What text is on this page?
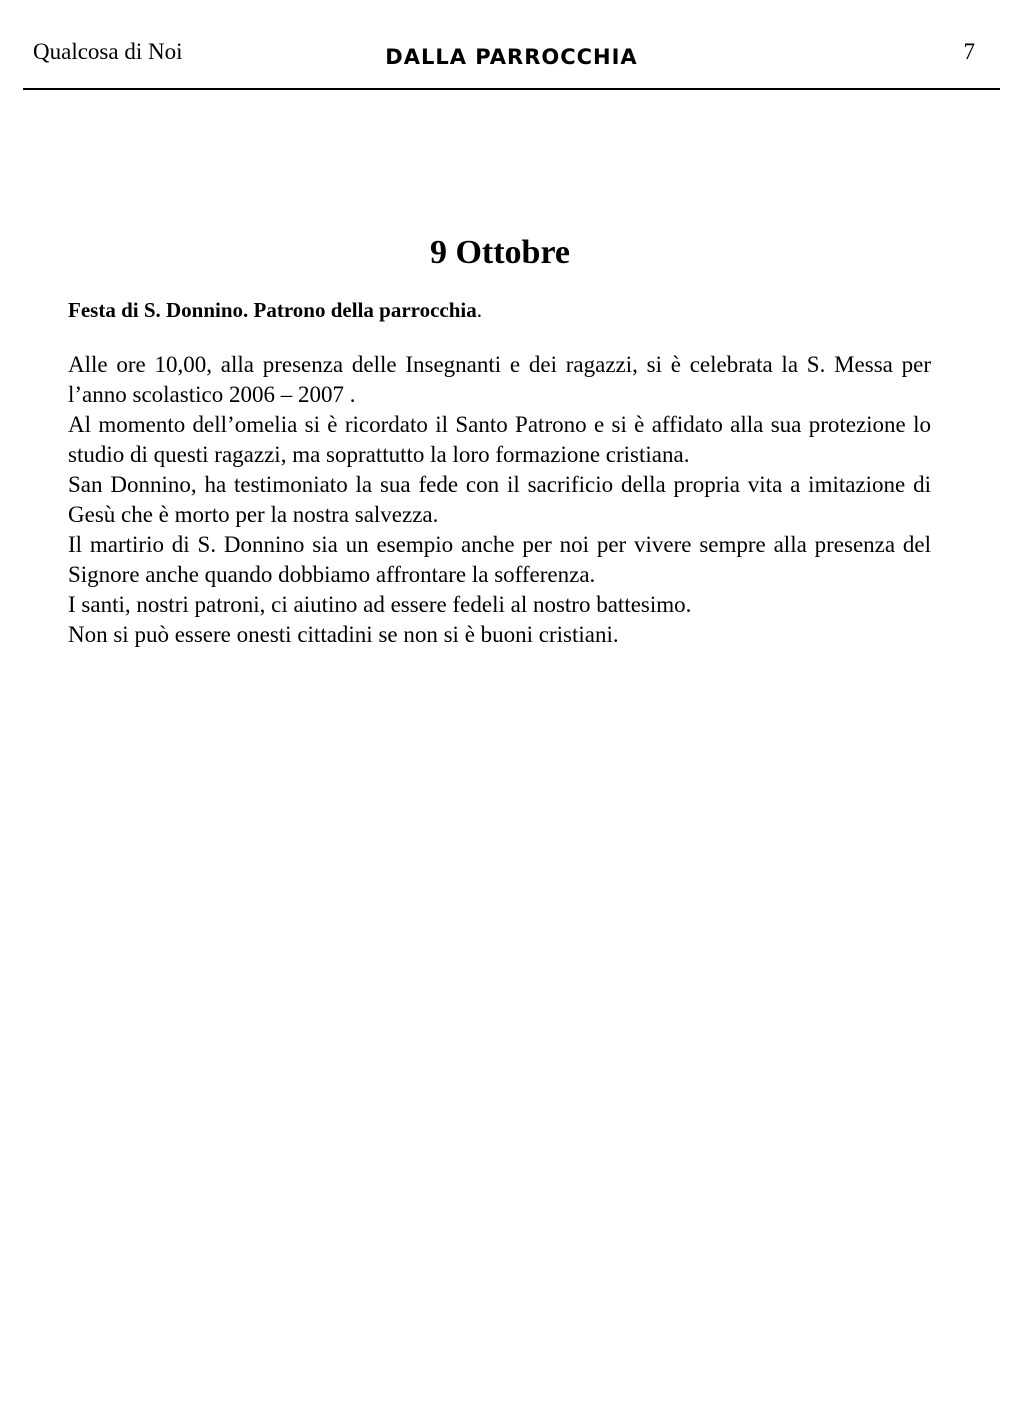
Qualcosa di Noi	DALLA PARROCCHIA	7
9 Ottobre
Festa di S. Donnino. Patrono della parrocchia.

Alle ore 10,00, alla presenza delle Insegnanti e dei ragazzi, si è celebrata la S. Messa per l’anno scolastico 2006 – 2007 .

Al momento dell’omelia si è ricordato il Santo Patrono e si è affidato alla sua protezione lo studio di questi ragazzi, ma soprattutto la loro formazione cristiana.

San Donnino, ha testimoniato la sua fede con il sacrificio della propria vita a imitazione di Gesù che è morto per la nostra salvezza.

Il martirio di S. Donnino sia un esempio anche per noi per vivere sempre alla presenza del Signore anche quando dobbiamo affrontare la sofferenza.

I santi, nostri patroni, ci aiutino ad essere fedeli al nostro battesimo.

Non si può essere onesti cittadini se non si è buoni cristiani.
